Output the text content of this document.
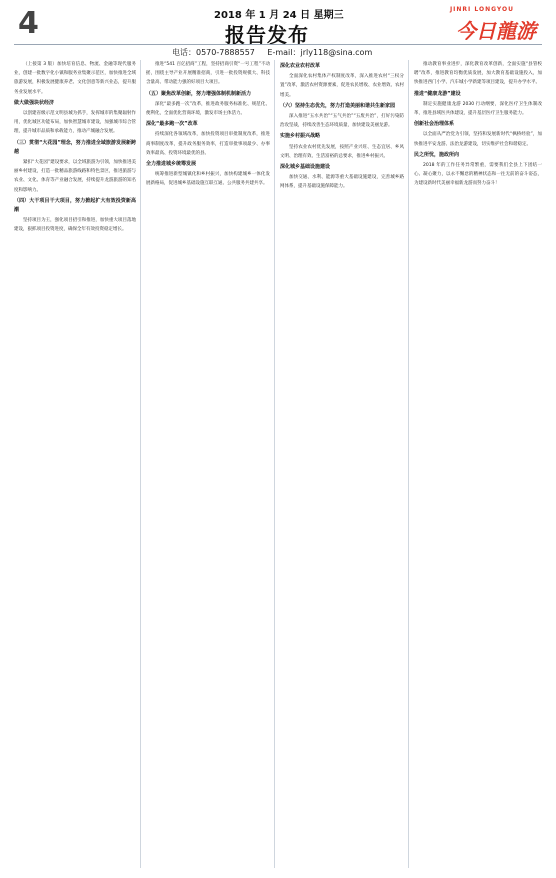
4	2018 年 1 月 24 日 星期三
报告发布
JINRI LONGYOU
今日龍游
电话：0570-7888557 E-mail：jrly118@sina.com

（上接第 3 版）加快培育信息、物流、金融等现代服务业，创建一批数字化小镇和服务业集聚示范区，加快推进全域旅游发展，积极发展健康养老、文化创意等新兴业态，提升服务业发展水平。

做大做强块状经济

以创建省级示范文明县城为抓手，发挥城市的集聚辐射作用，优化城区功能布局，加快智慧城市建设，加强城市综合管理，提升城市品质和承载能力，推动产城融合发展。

（三）贯彻“大花园”理念，努力推进全域旅游发展新跨越

紧扣“大花园”建设要求，以全域旅游为引领，加快推进美丽乡村建设，打造一批精品旅游线路和特色景区，推进旅游与农业、文化、体育等产业融合发展，持续提升龙游旅游的知名度和影响力。

（四）大干项目干大项目，努力掀起扩大有效投资新高潮

坚持项目为王，强化项目招引和推进，加快重大项目落地建设，狠抓项目投资进度，确保全年有效投资稳定增长。

推进“541 百亿招商”工程，坚持招商引资“一号工程”不动摇，围绕主导产业开展精准招商，引进一批投资规模大、科技含量高、带动能力强的好项目大项目。

（五）聚焦改革创新，努力增强体制机制新活力

深化“最多跑一次”改革，推进政务服务标准化、规范化、便利化，全面优化营商环境，激发市场主体活力。

深化“最多跑一次”改革

持续深化各领域改革，加快投资项目审批制度改革，推进商事制度改革，提升政务服务效率，打造审批事项最少、办事效率最高、投资环境最优的县。

全力推进城乡统筹发展

统筹推进新型城镇化和乡村振兴，加快构建城乡一体化发展新格局，促进城乡基础设施互联互通、公共服务共建共享。

深化农业农村改革

全面深化农村集体产权制度改革，深入推进农村“三权分置”改革，激活农村资源要素，促进农民增收、农业增效、农村增美。

（六）坚持生态优先，努力打造美丽和谐共生新家园

深入推进“五水共治”“五气共治”“五废共治”，打好污染防治攻坚战，持续改善生态环境质量，加快建设美丽龙游。

实施乡村振兴战略

坚持农业农村优先发展，按照产业兴旺、生态宜居、乡风文明、治理有效、生活富裕的总要求，推进乡村振兴。

深化城乡基础设施建设

加快交通、水利、能源等重大基础设施建设，完善城乡路网体系，提升基础设施保障能力。

推动教育事业进步，深化教育改革创新，全面实施“县管校聘”改革，推进教育均衡优质发展，加大教育基础设施投入，加快推进西门小学、汽车城小学新建等项目建设，提升办学水平。

推进“健康龙游”建设

制定实施健康龙游 2030 行动纲要，深化医疗卫生体制改革，推进县域医共体建设，提升基层医疗卫生服务能力。

创新社会治理体系

以全面从严治党为引领，坚持和发展新时代“枫桥经验”，加快推进平安龙游、法治龙游建设，切实维护社会和谐稳定。

民之所忧，施政所向

2018 年的工作任务异常繁重，需要我们全县上下团结一心、凝心聚力，以永不懈怠的精神状态和一往无前的奋斗姿态，为建设新时代美丽幸福新龙游而努力奋斗！
